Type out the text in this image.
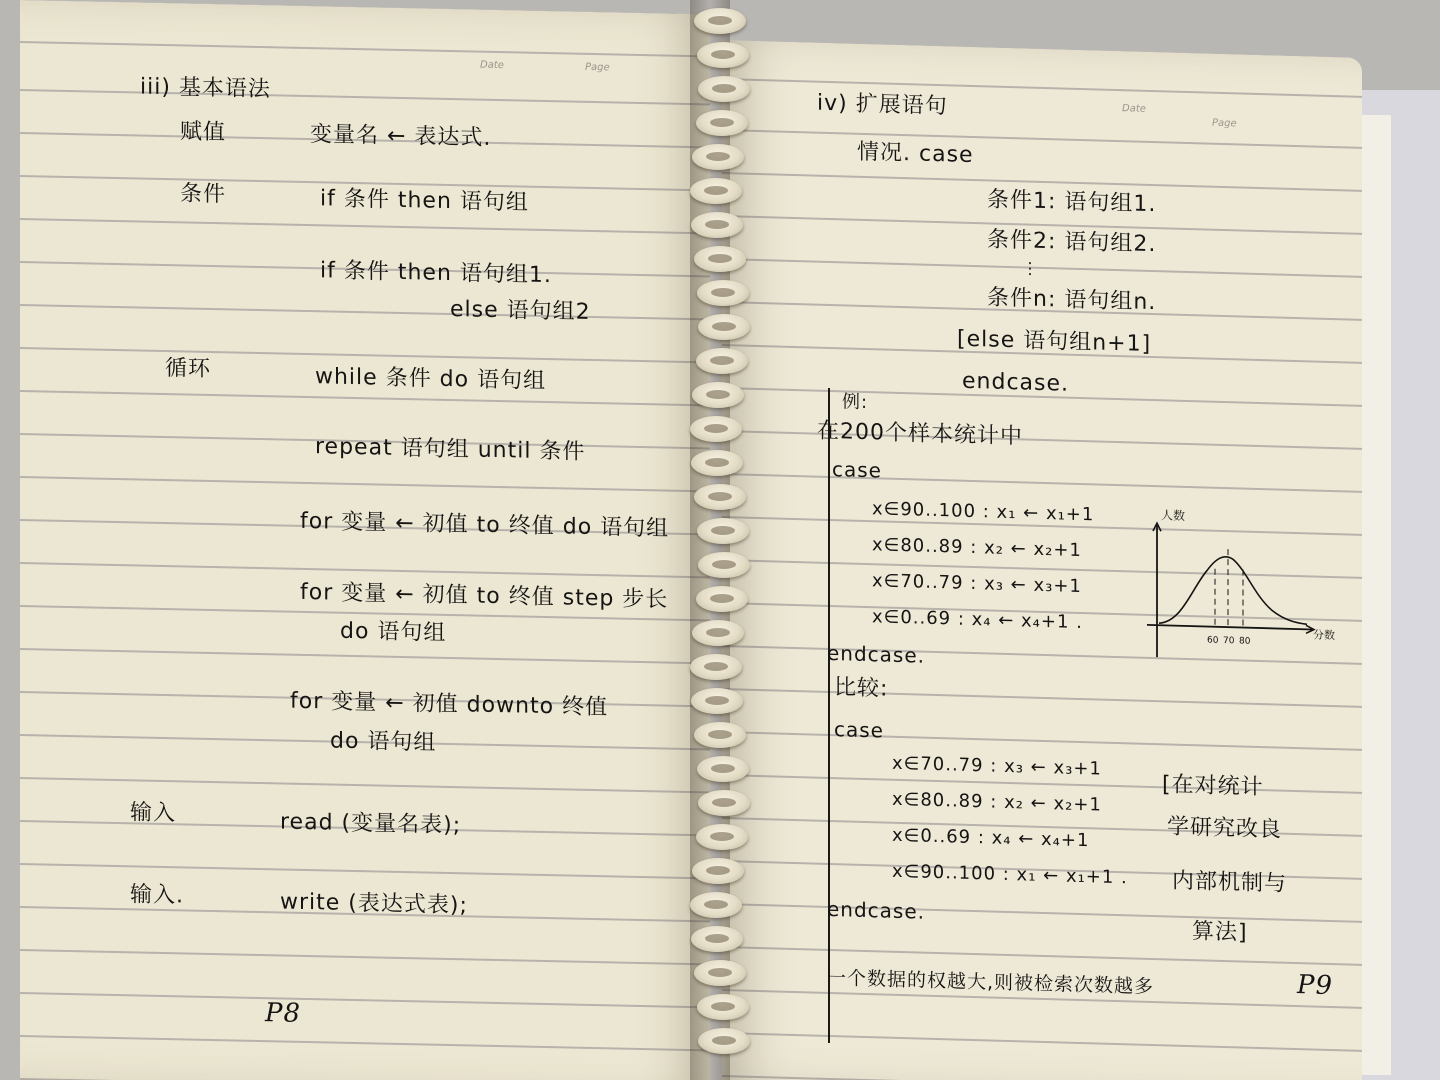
Date	Page
iii) 基本语法
赋值	变量名 ← 表达式.
条件	if 条件 then 语句组
if 条件 then 语句组1.
else 语句组2
循环	while 条件 do 语句组
repeat 语句组 until 条件
for 变量 ← 初值 to 终值 do 语句组
for 变量 ← 初值 to 终值 step 步长
do 语句组
for 变量 ← 初值 downto 终值
do 语句组
输入	read (变量名表);
输入.	write (表达式表);
P8
Date
Page
iv) 扩展语句
情况. case
条件1: 语句组1.
条件2: 语句组2.
⋮
条件n: 语句组n.
[else 语句组n+1]
endcase.
例:
在200个样本统计中
case
x∈90..100 : x₁ ← x₁+1
x∈80..89 : x₂ ← x₂+1
x∈70..79 : x₃ ← x₃+1
x∈0..69 : x₄ ← x₄+1 .
endcase.
比较:
case
x∈70..79 : x₃ ← x₃+1
x∈80..89 : x₂ ← x₂+1
x∈0..69 : x₄ ← x₄+1
x∈90..100 : x₁ ← x₁+1 .
endcase.
[在对统计
学研究改良
内部机制与
算法]
一个数据的权越大,则被检索次数越多	P9
人数
分数
60 70 80
